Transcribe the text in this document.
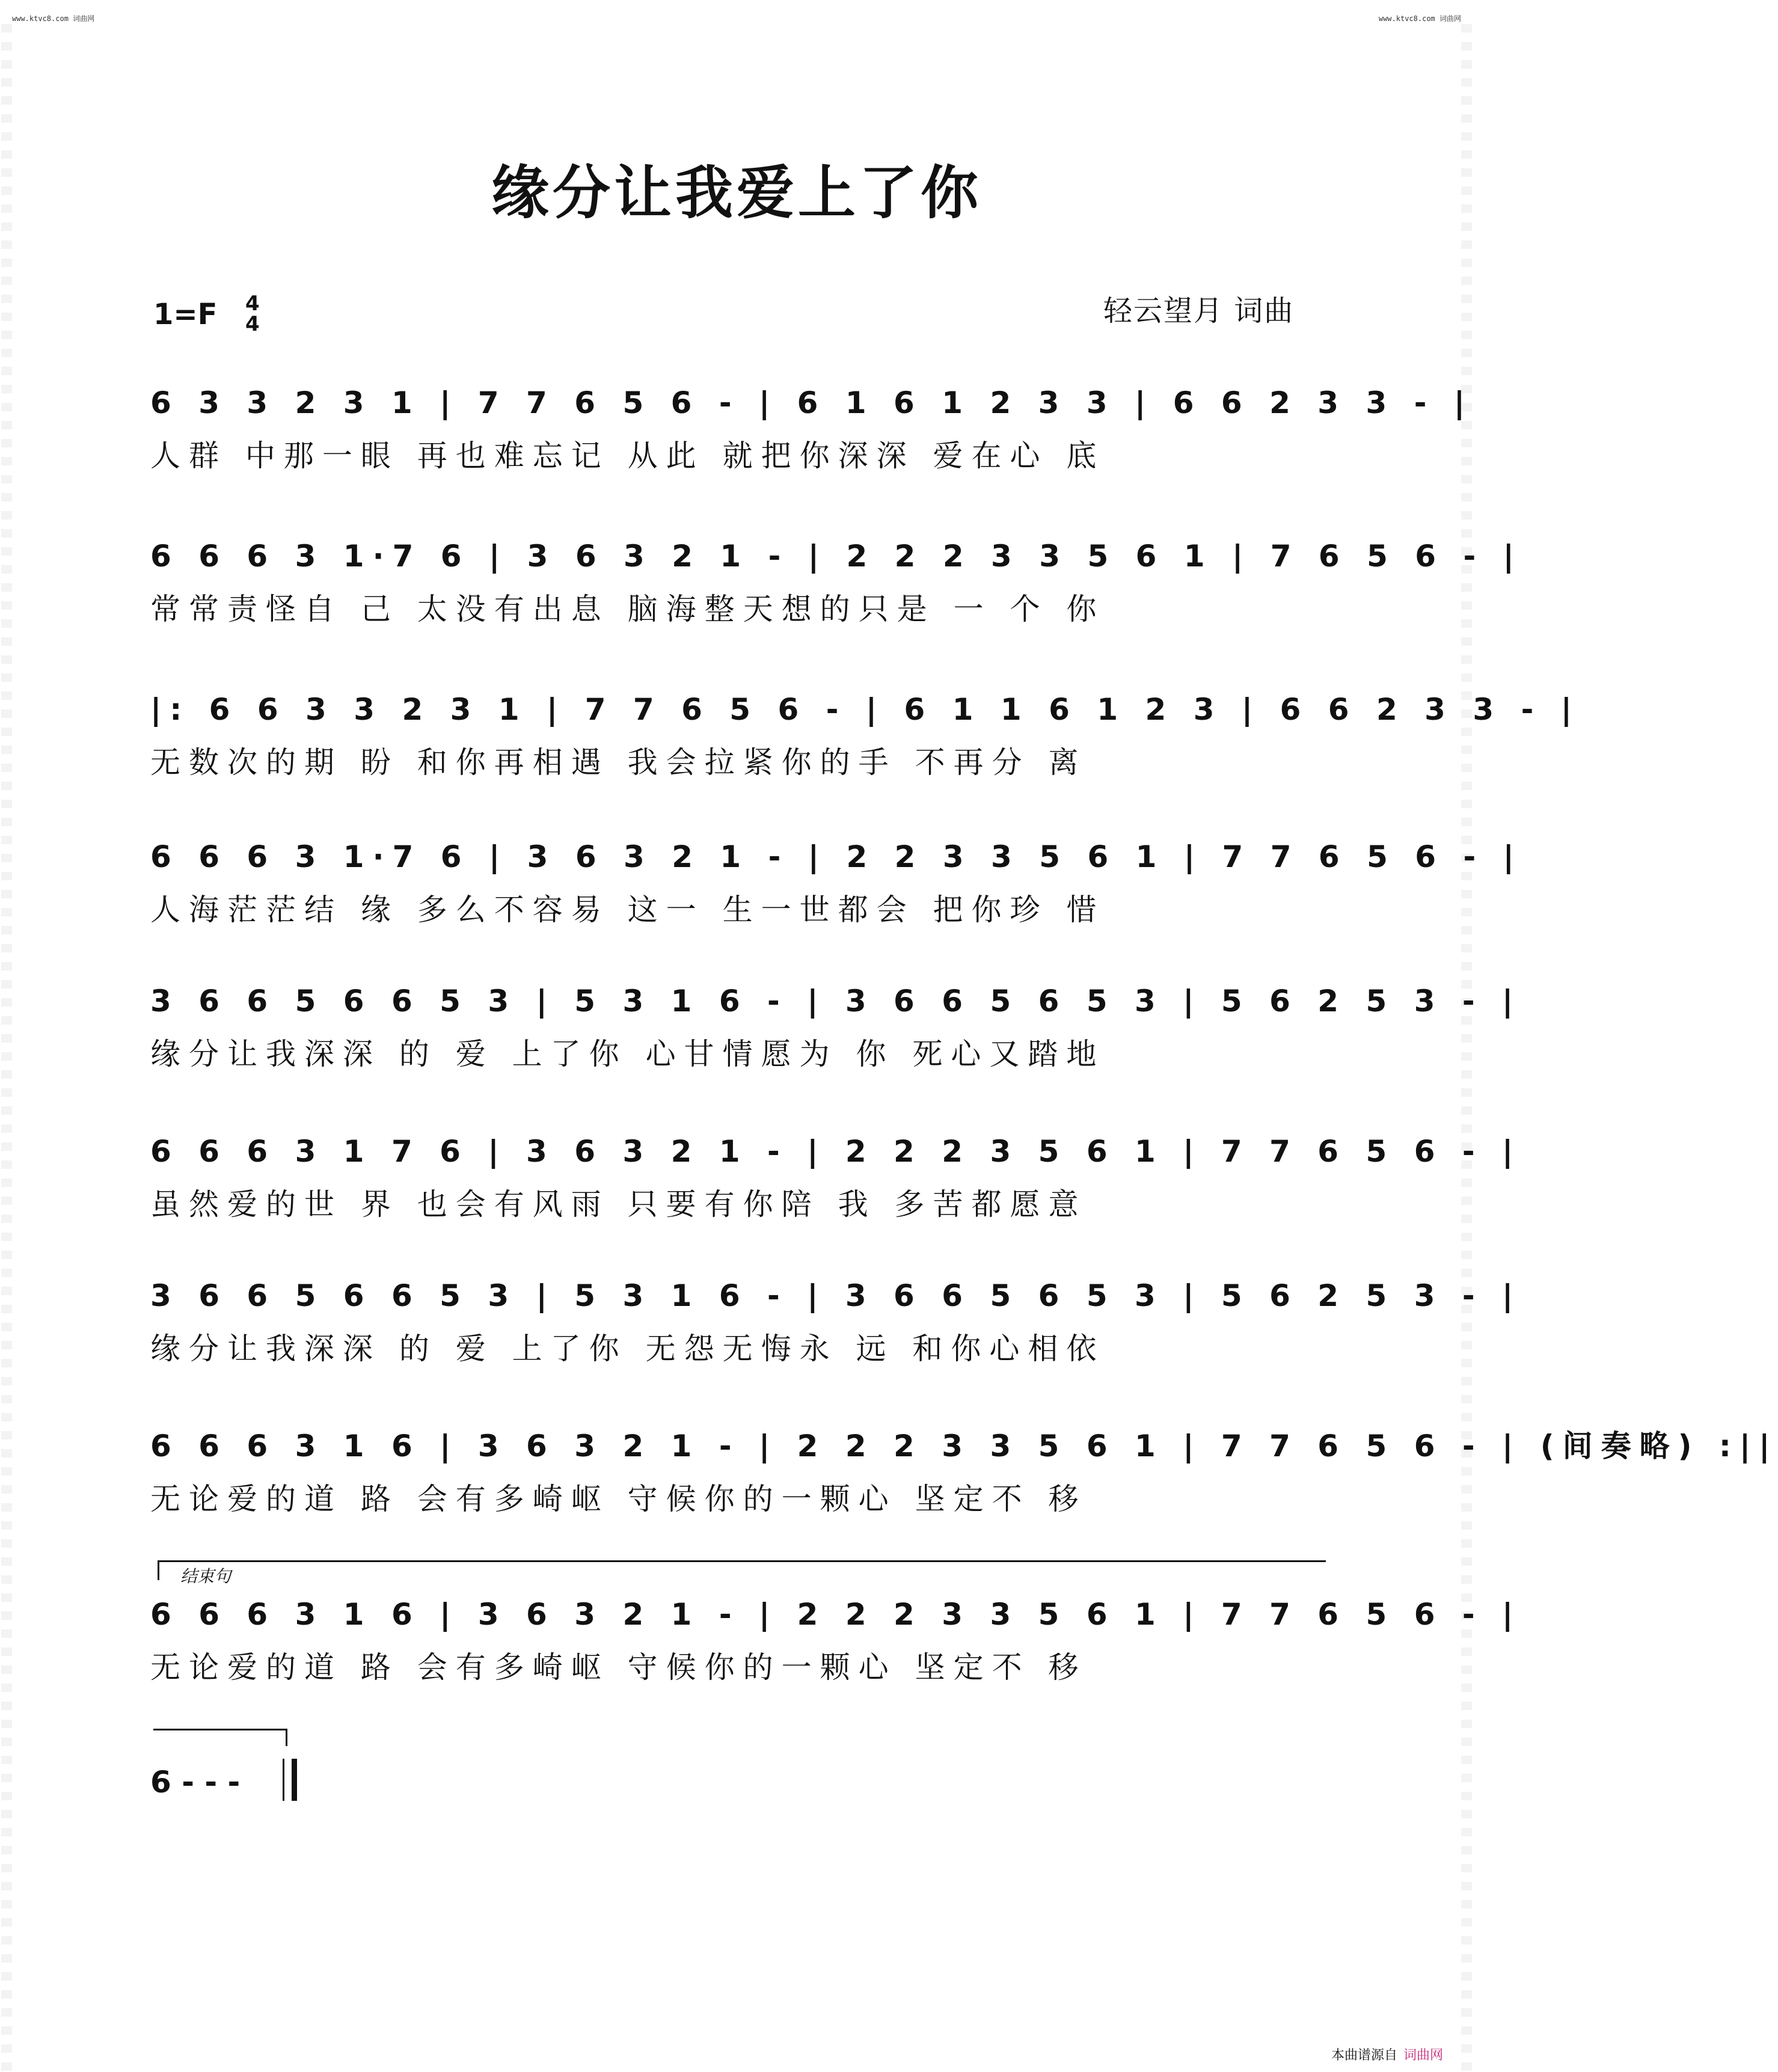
www.ktvc8.com 词曲网	www.ktvc8.com 词曲网
缘分让我爱上了你
1=F 4
4	轻云望月 词曲
6 3 3 2 3 1 | 7 7 6 5 6 - | 6 1 6 1 2 3 3 | 6 6 2 3 3 - |
人群 中那一眼 再也难忘记 从此 就把你深深 爱在心 底
6 6 6 3 1·7 6 | 3 6 3 2 1 - | 2 2 2 3 3 5 6 1 | 7 6 5 6 - |
常常责怪自 己 太没有出息 脑海整天想的只是 一 个 你
|: 6 6 3 3 2 3 1 | 7 7 6 5 6 - | 6 1 1 6 1 2 3 | 6 6 2 3 3 - |
无数次的期 盼 和你再相遇 我会拉紧你的手 不再分 离
6 6 6 3 1·7 6 | 3 6 3 2 1 - | 2 2 3 3 5 6 1 | 7 7 6 5 6 - |
人海茫茫结 缘 多么不容易 这一 生一世都会 把你珍 惜
3 6 6 5 6 6 5 3 | 5 3 1 6 - | 3 6 6 5 6 5 3 | 5 6 2 5 3 - |
缘分让我深深 的 爱 上了你 心甘情愿为 你 死心又踏地
6 6 6 3 1 7 6 | 3 6 3 2 1 - | 2 2 2 3 5 6 1 | 7 7 6 5 6 - |
虽然爱的世 界 也会有风雨 只要有你陪 我 多苦都愿意
3 6 6 5 6 6 5 3 | 5 3 1 6 - | 3 6 6 5 6 5 3 | 5 6 2 5 3 - |
缘分让我深深 的 爱 上了你 无怨无悔永 远 和你心相依
6 6 6 3 1 6 | 3 6 3 2 1 - | 2 2 2 3 3 5 6 1 | 7 7 6 5 6 - | (间奏略) :||
无论爱的道 路 会有多崎岖 守候你的一颗心 坚定不 移
6 6 6 3 1 6 | 3 6 3 2 1 - | 2 2 2 3 3 5 6 1 | 7 7 6 5 6 - |
无论爱的道 路 会有多崎岖 守候你的一颗心 坚定不 移
结束句
6 - - -
本曲谱源自 词曲网
